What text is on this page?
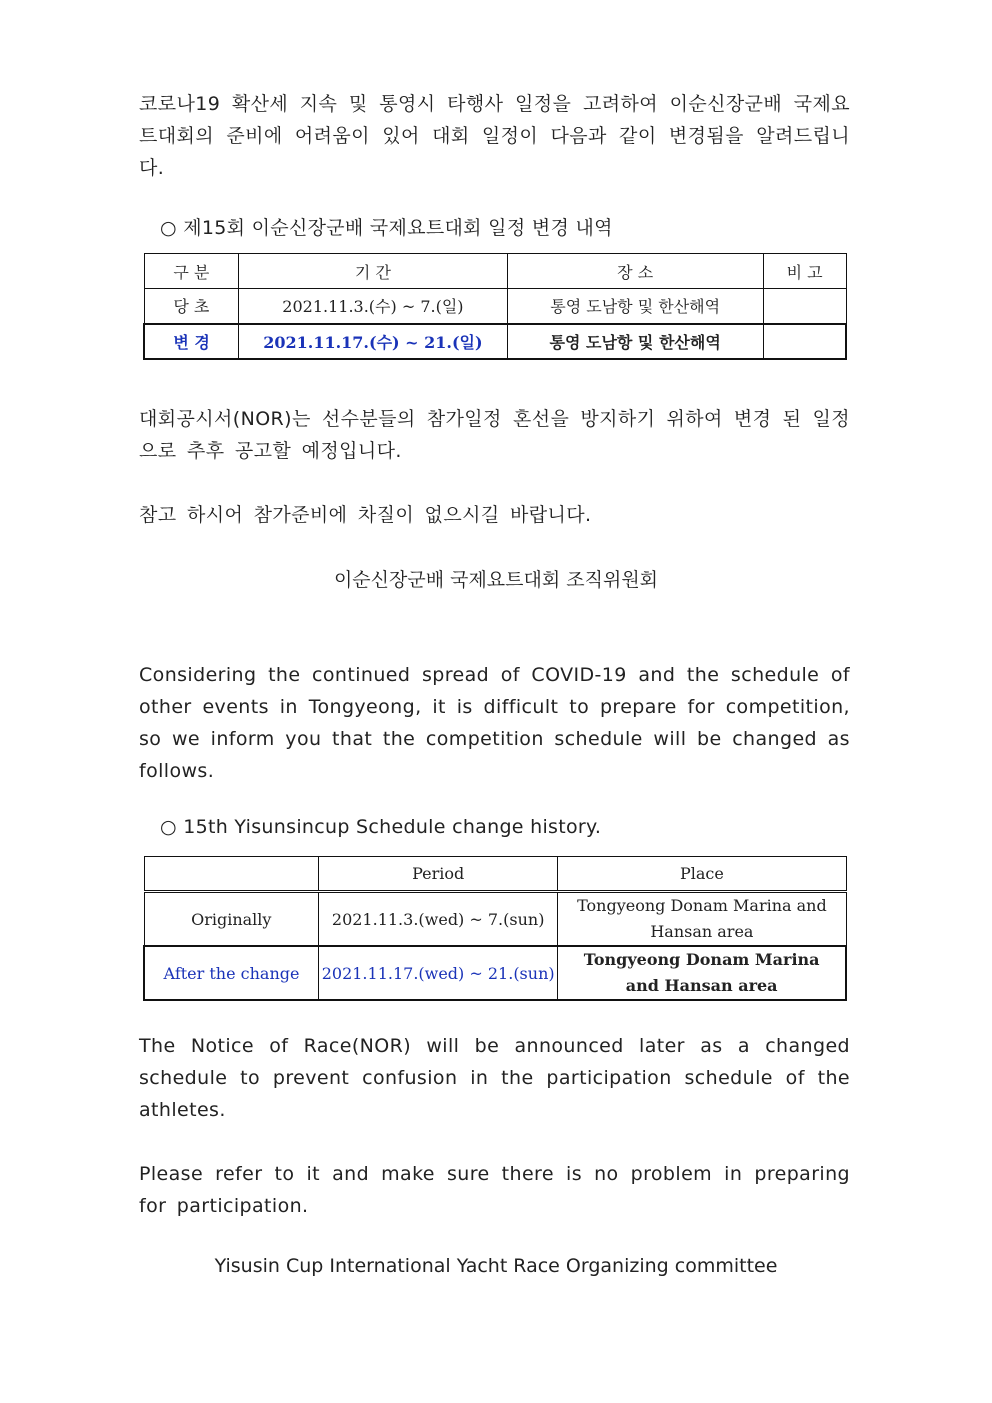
코로나19 확산세 지속 및 통영시 타행사 일정을 고려하여 이순신장군배 국제요트대회의 준비에 어려움이 있어 대회 일정이 다음과 같이 변경됨을 알려드립니다.

○ 제15회 이순신장군배 국제요트대회 일정 변경 내역
구 분	기 간	장 소	비 고
당 초	2021.11.3.(수) ~ 7.(일)	통영 도남항 및 한산해역	
변 경	2021.11.17.(수) ~ 21.(일)	통영 도남항 및 한산해역	

대회공시서(NOR)는 선수분들의 참가일정 혼선을 방지하기 위하여 변경 된 일정으로 추후 공고할 예정입니다.

참고 하시어 참가준비에 차질이 없으시길 바랍니다.

이순신장군배 국제요트대회 조직위원회

Considering the continued spread of COVID-19 and the schedule of other events in Tongyeong, it is difficult to prepare for competition, so we inform you that the competition schedule will be changed as follows.

○ 15th Yisunsincup Schedule change history.
	Period	Place
Originally	2021.11.3.(wed) ~ 7.(sun)	Tongyeong Donam Marina and Hansan area
After the change	2021.11.17.(wed) ~ 21.(sun)	Tongyeong Donam Marina and Hansan area

The Notice of Race(NOR) will be announced later as a changed schedule to prevent confusion in the participation schedule of the athletes.

Please refer to it and make sure there is no problem in preparing for participation.

Yisusin Cup International Yacht Race Organizing committee
